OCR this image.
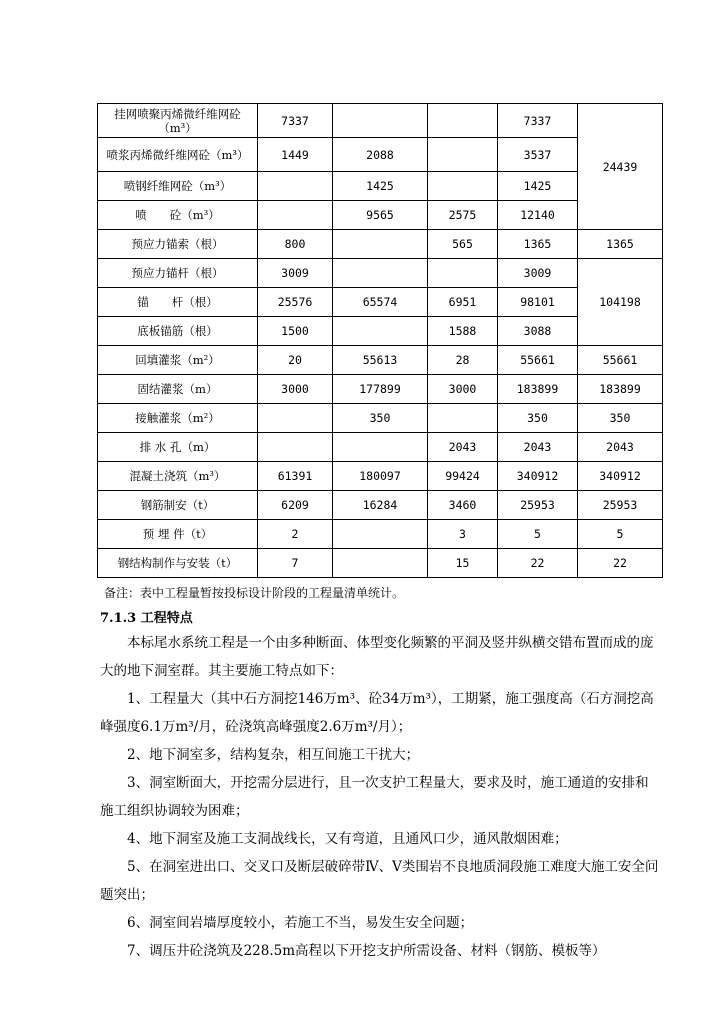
挂网喷聚丙烯微纤维网砼（m³）	7337			7337	24439
喷浆丙烯微纤维网砼（m³）	1449	2088		3537	
喷钢纤维网砼（m³）		1425		1425	
喷　　砼（m³）		9565	2575	12140	
预应力锚索（根）	800		565	1365	1365
预应力锚杆（根）	3009			3009	104198
锚　　杆（根）	25576	65574	6951	98101	
底板锚筋（根）	1500		1588	3088	
回填灌浆（m²）	20	55613	28	55661	55661
固结灌浆（m）	3000	177899	3000	183899	183899
接触灌浆（m²）		350		350	350
排 水 孔（m）			2043	2043	2043
混凝土浇筑（m³）	61391	180097	99424	340912	340912
钢筋制安（t）	6209	16284	3460	25953	25953
预 埋 件（t）	2		3	5	5
钢结构制作与安装（t）	7		15	22	22
备注：表中工程量暂按投标设计阶段的工程量清单统计。
7.1.3 工程特点
本标尾水系统工程是一个由多种断面、体型变化频繁的平洞及竖井纵横交错布置而成的庞大的地下洞室群。其主要施工特点如下：
1、工程量大（其中石方洞挖146万m³、砼34万m³），工期紧，施工强度高（石方洞挖高峰强度6.1万m³/月，砼浇筑高峰强度2.6万m³/月）；
2、地下洞室多，结构复杂，相互间施工干扰大；
3、洞室断面大，开挖需分层进行，且一次支护工程量大，要求及时，施工通道的安排和施工组织协调较为困难；
4、地下洞室及施工支洞战线长，又有弯道，且通风口少，通风散烟困难；
5、在洞室进出口、交叉口及断层破碎带Ⅳ、Ⅴ类围岩不良地质洞段施工难度大施工安全问题突出；
6、洞室间岩墙厚度较小，若施工不当，易发生安全问题；
7、调压井砼浇筑及228.5m高程以下开挖支护所需设备、材料（钢筋、模板等）
